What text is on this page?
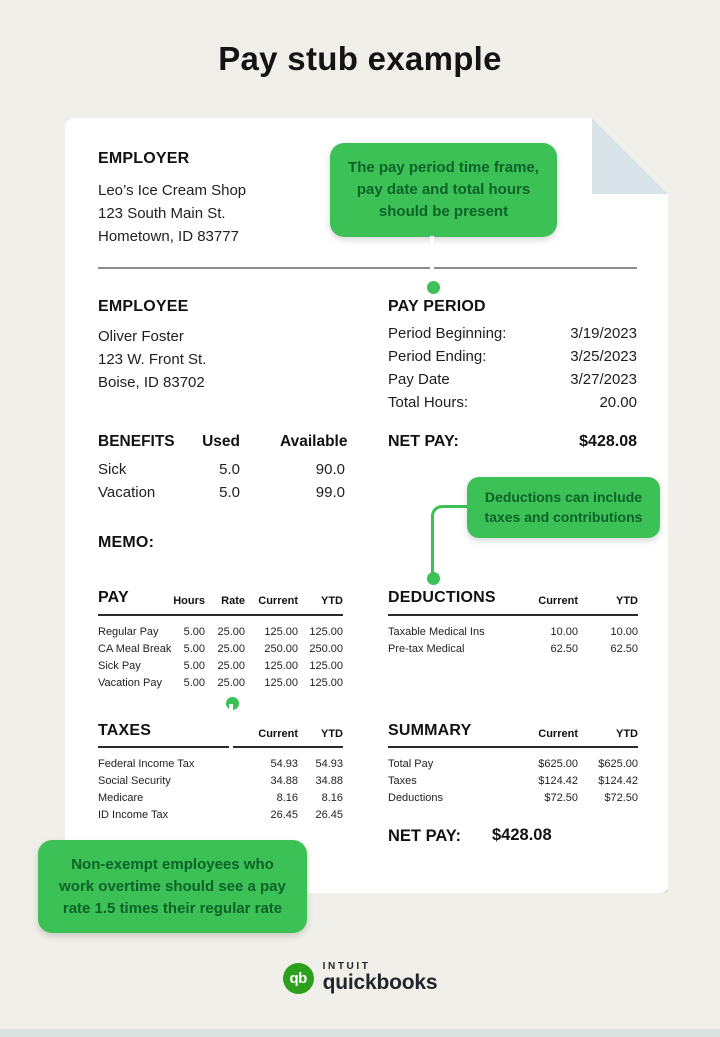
Pay stub example
EMPLOYER
Leo’s Ice Cream Shop
123 South Main St.
Hometown, ID 83777
EMPLOYEE
Oliver Foster
123 W. Front St.
Boise, ID 83702
PAY PERIOD
Period Beginning:	3/19/2023
Period Ending:	3/25/2023
Pay Date	3/27/2023
Total Hours:	20.00
BENEFITS	Used	Available
Sick	5.0	90.0
Vacation	5.0	99.0
NET PAY:	$428.08
MEMO:
PAY	Hours	Rate	Current	YTD
Regular Pay	5.00	25.00	125.00	125.00
CA Meal Break	5.00	25.00	250.00	250.00
Sick Pay	5.00	25.00	125.00	125.00
Vacation Pay	5.00	25.00	125.00	125.00
DEDUCTIONS	Current	YTD
Taxable Medical Ins	10.00	10.00
Pre-tax Medical	62.50	62.50
TAXES	Current	YTD
Federal Income Tax	54.93	54.93
Social Security	34.88	34.88
Medicare	8.16	8.16
ID Income Tax	26.45	26.45
SUMMARY	Current	YTD
Total Pay	$625.00	$625.00
Taxes	$124.42	$124.42
Deductions	$72.50	$72.50
NET PAY: $428.08
The pay period time frame,
pay date and total hours
should be present
Deductions can include
taxes and contributions
Non-exempt employees who
work overtime should see a pay
rate 1.5 times their regular rate
qb
INTUIT
quickbooks
